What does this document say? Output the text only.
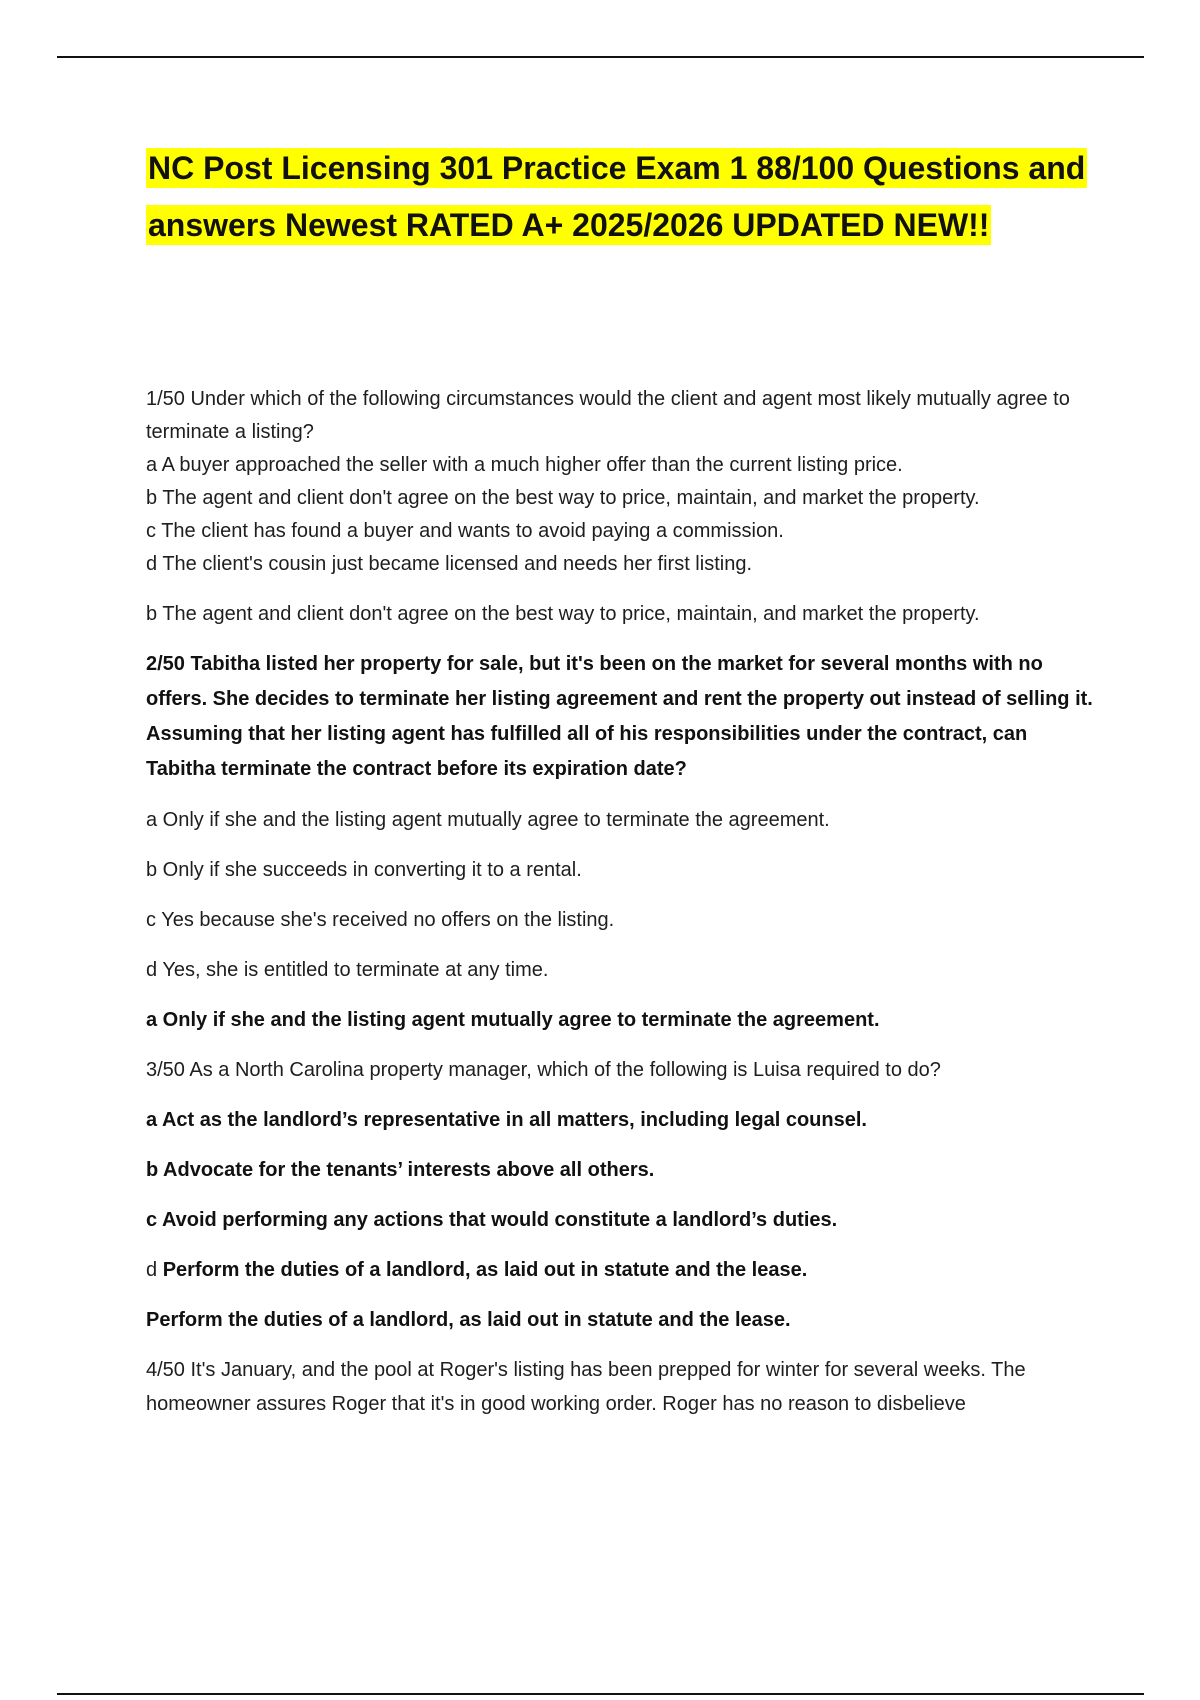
NC Post Licensing 301 Practice Exam 1 88/100 Questions and answers Newest RATED A+ 2025/2026 UPDATED NEW!!

1/50 Under which of the following circumstances would the client and agent most likely mutually agree to terminate a listing?

a A buyer approached the seller with a much higher offer than the current listing price.

b The agent and client don't agree on the best way to price, maintain, and market the property.

c The client has found a buyer and wants to avoid paying a commission.

d The client's cousin just became licensed and needs her first listing.

b The agent and client don't agree on the best way to price, maintain, and market the property.

2/50 Tabitha listed her property for sale, but it's been on the market for several months with no offers. She decides to terminate her listing agreement and rent the property out instead of selling it. Assuming that her listing agent has fulfilled all of his responsibilities under the contract, can Tabitha terminate the contract before its expiration date?

a Only if she and the listing agent mutually agree to terminate the agreement.

b Only if she succeeds in converting it to a rental.

c Yes because she's received no offers on the listing.

d Yes, she is entitled to terminate at any time.

a Only if she and the listing agent mutually agree to terminate the agreement.

3/50 As a North Carolina property manager, which of the following is Luisa required to do?

a Act as the landlord’s representative in all matters, including legal counsel.

b Advocate for the tenants’ interests above all others.

c Avoid performing any actions that would constitute a landlord’s duties.

d Perform the duties of a landlord, as laid out in statute and the lease.

Perform the duties of a landlord, as laid out in statute and the lease.

4/50 It's January, and the pool at Roger's listing has been prepped for winter for several weeks. The homeowner assures Roger that it's in good working order. Roger has no reason to disbelieve
